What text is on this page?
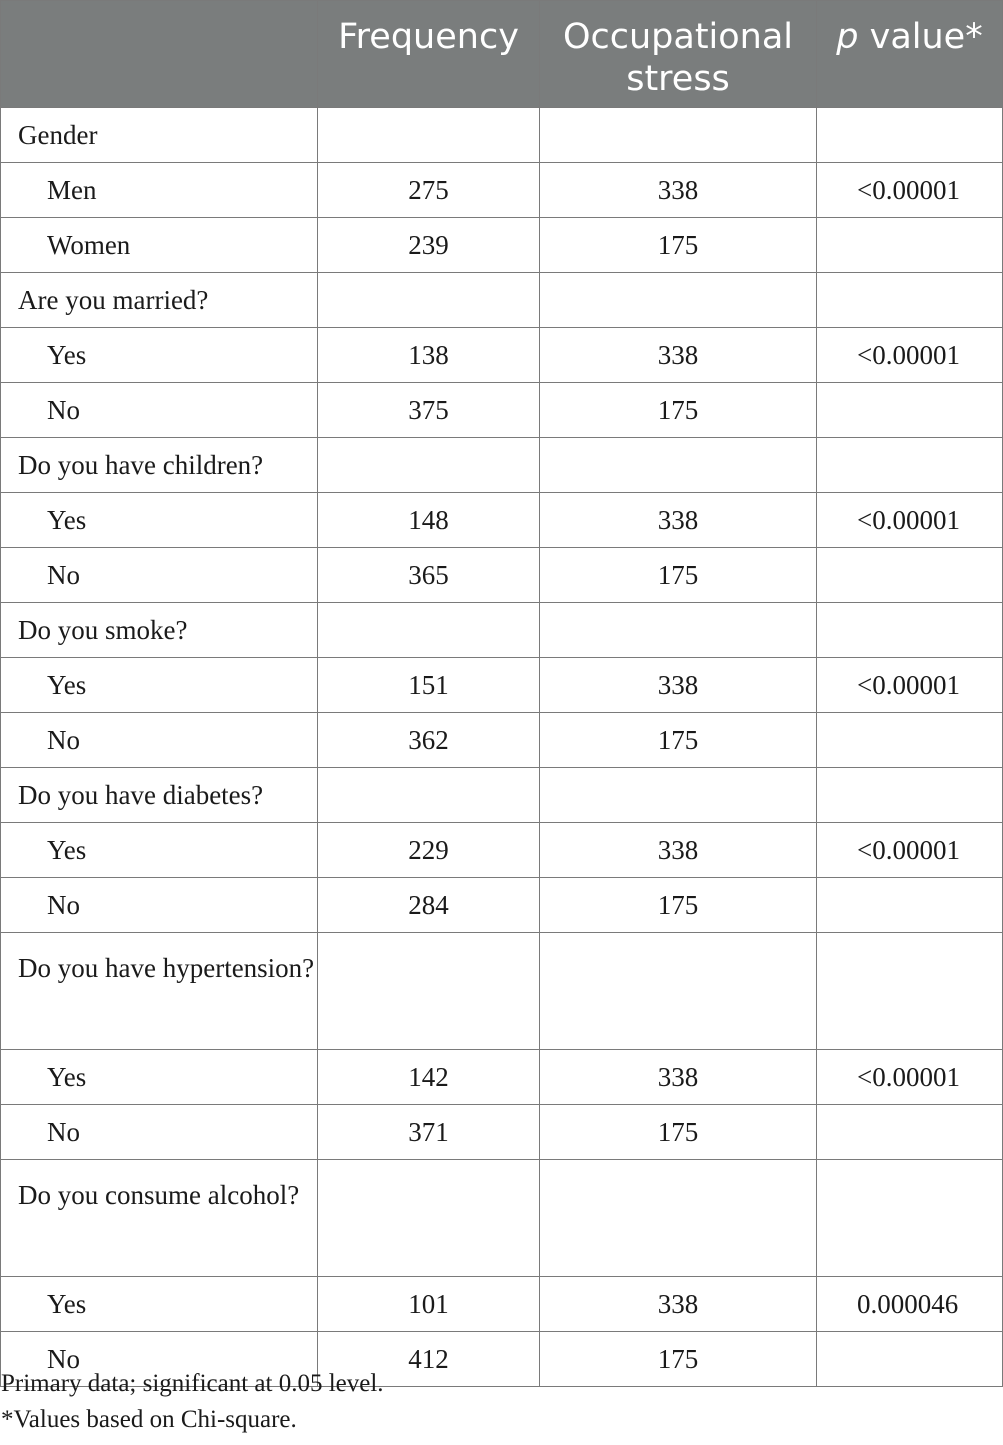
	Frequency	Occupational stress	p value*
Gender			
Men	275	338	<0.00001
Women	239	175	
Are you married?			
Yes	138	338	<0.00001
No	375	175	
Do you have children?			
Yes	148	338	<0.00001
No	365	175	
Do you smoke?			
Yes	151	338	<0.00001
No	362	175	
Do you have diabetes?			
Yes	229	338	<0.00001
No	284	175	
Do you have hypertension?			
Yes	142	338	<0.00001
No	371	175	
Do you consume alcohol?			
Yes	101	338	0.000046
No	412	175	
Primary data; significant at 0.05 level.
*Values based on Chi-square.
